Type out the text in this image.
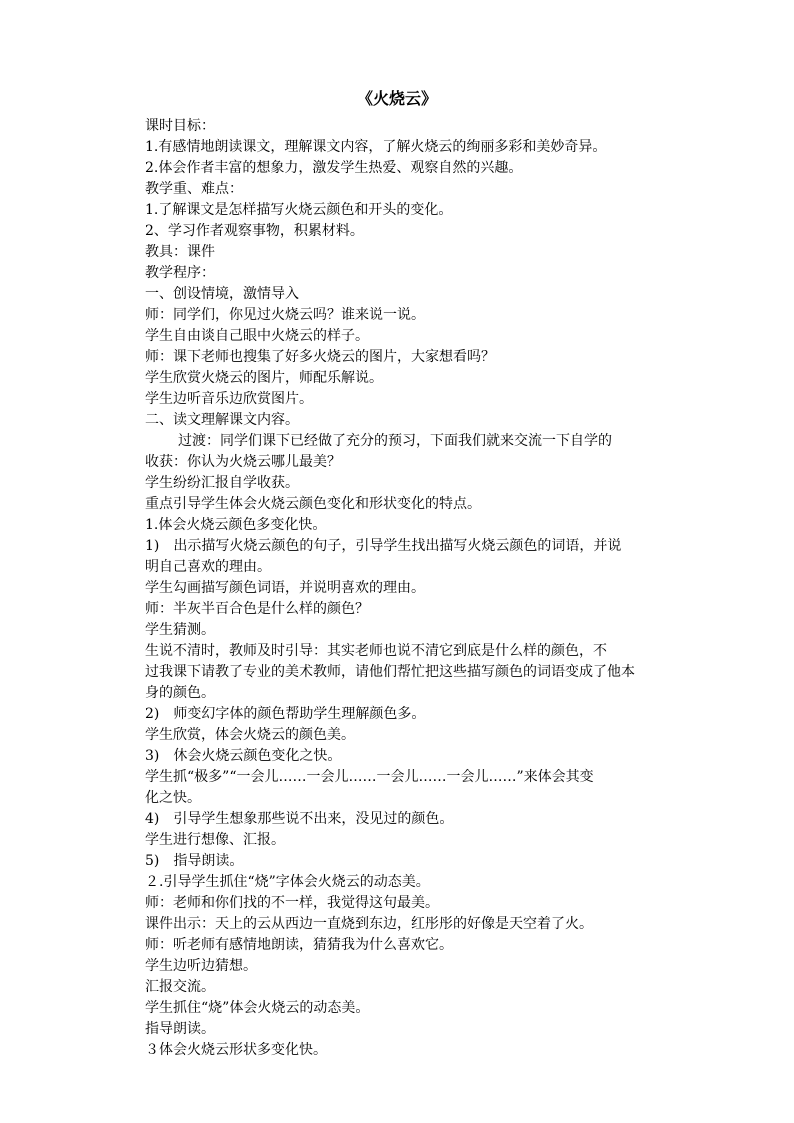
《火烧云》

课时目标：

1.有感情地朗读课文，理解课文内容，了解火烧云的绚丽多彩和美妙奇异。

2.体会作者丰富的想象力，激发学生热爱、观察自然的兴趣。

教学重、难点：

1.了解课文是怎样描写火烧云颜色和开头的变化。

2、学习作者观察事物，积累材料。

教具：课件

教学程序：

一、创设情境，激情导入

师：同学们，你见过火烧云吗？谁来说一说。

学生自由谈自己眼中火烧云的样子。

师：课下老师也搜集了好多火烧云的图片，大家想看吗？

学生欣赏火烧云的图片，师配乐解说。

学生边听音乐边欣赏图片。

二、读文理解课文内容。

过渡：同学们课下已经做了充分的预习，下面我们就来交流一下自学的

收获：你认为火烧云哪儿最美？

学生纷纷汇报自学收获。

重点引导学生体会火烧云颜色变化和形状变化的特点。

1.体会火烧云颜色多变化快。

1)　出示描写火烧云颜色的句子，引导学生找出描写火烧云颜色的词语，并说

明自己喜欢的理由。

学生勾画描写颜色词语，并说明喜欢的理由。

师：半灰半百合色是什么样的颜色？

学生猜测。

生说不清时，教师及时引导：其实老师也说不清它到底是什么样的颜色，不

过我课下请教了专业的美术教师，请他们帮忙把这些描写颜色的词语变成了他本

身的颜色。

2)　师变幻字体的颜色帮助学生理解颜色多。

学生欣赏，体会火烧云的颜色美。

3)　休会火烧云颜色变化之快。

学生抓“极多”“一会儿……一会儿……一会儿……一会儿……”来体会其变

化之快。

4)　引导学生想象那些说不出来，没见过的颜色。

学生进行想像、汇报。

5)　指导朗读。

２.引导学生抓住“烧”字体会火烧云的动态美。

师：老师和你们找的不一样，我觉得这句最美。

课件出示：天上的云从西边一直烧到东边，红彤彤的好像是天空着了火。

师：听老师有感情地朗读，猜猜我为什么喜欢它。

学生边听边猜想。

汇报交流。

学生抓住“烧”体会火烧云的动态美。

指导朗读。

３体会火烧云形状多变化快。
